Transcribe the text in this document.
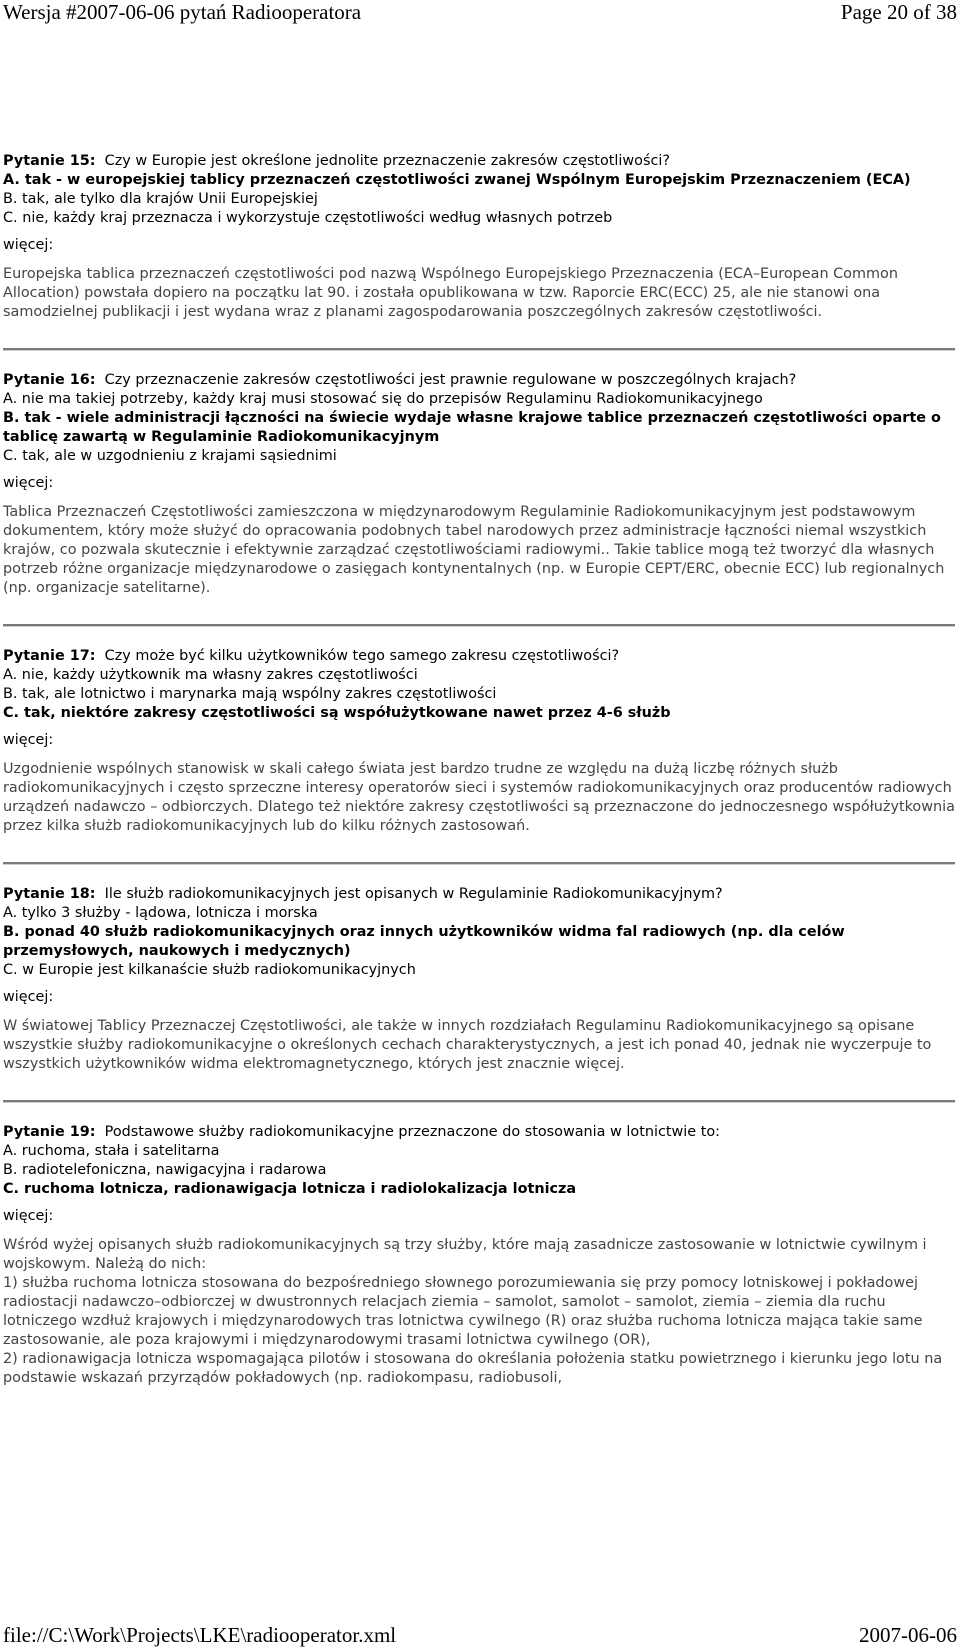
Wersja #2007-06-06 pytań Radiooperatora	Page 20 of 38

Pytanie 15: Czy w Europie jest określone jednolite przeznaczenie zakresów częstotliwości?

A. tak - w europejskiej tablicy przeznaczeń częstotliwości zwanej Wspólnym Europejskim Przeznaczeniem (ECA)

B. tak, ale tylko dla krajów Unii Europejskiej

C. nie, każdy kraj przeznacza i wykorzystuje częstotliwości według własnych potrzeb

więcej:

Europejska tablica przeznaczeń częstotliwości pod nazwą Wspólnego Europejskiego Przeznaczenia (ECA–European Common Allocation) powstała dopiero na początku lat 90. i została opublikowana w tzw. Raporcie ERC(ECC) 25, ale nie stanowi ona samodzielnej publikacji i jest wydana wraz z planami zagospodarowania poszczególnych zakresów częstotliwości.

Pytanie 16: Czy przeznaczenie zakresów częstotliwości jest prawnie regulowane w poszczególnych krajach?

A. nie ma takiej potrzeby, każdy kraj musi stosować się do przepisów Regulaminu Radiokomunikacyjnego

B. tak - wiele administracji łączności na świecie wydaje własne krajowe tablice przeznaczeń częstotliwości oparte o tablicę zawartą w Regulaminie Radiokomunikacyjnym

C. tak, ale w uzgodnieniu z krajami sąsiednimi

więcej:

Tablica Przeznaczeń Częstotliwości zamieszczona w międzynarodowym Regulaminie Radiokomunikacyjnym jest podstawowym dokumentem, który może służyć do opracowania podobnych tabel narodowych przez administracje łączności niemal wszystkich krajów, co pozwala skutecznie i efektywnie zarządzać częstotliwościami radiowymi.. Takie tablice mogą też tworzyć dla własnych potrzeb różne organizacje międzynarodowe o zasięgach kontynentalnych (np. w Europie CEPT/ERC, obecnie ECC) lub regionalnych (np. organizacje satelitarne).

Pytanie 17: Czy może być kilku użytkowników tego samego zakresu częstotliwości?

A. nie, każdy użytkownik ma własny zakres częstotliwości

B. tak, ale lotnictwo i marynarka mają wspólny zakres częstotliwości

C. tak, niektóre zakresy częstotliwości są współużytkowane nawet przez 4-6 służb

więcej:

Uzgodnienie wspólnych stanowisk w skali całego świata jest bardzo trudne ze względu na dużą liczbę różnych służb radiokomunikacyjnych i często sprzeczne interesy operatorów sieci i systemów radiokomunikacyjnych oraz producentów radiowych urządzeń nadawczo – odbiorczych. Dlatego też niektóre zakresy częstotliwości są przeznaczone do jednoczesnego współużytkownia przez kilka służb radiokomunikacyjnych lub do kilku różnych zastosowań.

Pytanie 18: Ile służb radiokomunikacyjnych jest opisanych w Regulaminie Radiokomunikacyjnym?

A. tylko 3 służby - lądowa, lotnicza i morska

B. ponad 40 służb radiokomunikacyjnych oraz innych użytkowników widma fal radiowych (np. dla celów przemysłowych, naukowych i medycznych)

C. w Europie jest kilkanaście służb radiokomunikacyjnych

więcej:

W światowej Tablicy Przeznaczej Częstotliwości, ale także w innych rozdziałach Regulaminu Radiokomunikacyjnego są opisane wszystkie służby radiokomunikacyjne o określonych cechach charakterystycznych, a jest ich ponad 40, jednak nie wyczerpuje to wszystkich użytkowników widma elektromagnetycznego, których jest znacznie więcej.

Pytanie 19: Podstawowe służby radiokomunikacyjne przeznaczone do stosowania w lotnictwie to:

A. ruchoma, stała i satelitarna

B. radiotelefoniczna, nawigacyjna i radarowa

C. ruchoma lotnicza, radionawigacja lotnicza i radiolokalizacja lotnicza

więcej:

Wśród wyżej opisanych służb radiokomunikacyjnych są trzy służby, które mają zasadnicze zastosowanie w lotnictwie cywilnym i wojskowym. Należą do nich:

1) służba ruchoma lotnicza stosowana do bezpośredniego słownego porozumiewania się przy pomocy lotniskowej i pokładowej radiostacji nadawczo–odbiorczej w dwustronnych relacjach ziemia – samolot, samolot – samolot, ziemia – ziemia dla ruchu lotniczego wzdłuż krajowych i międzynarodowych tras lotnictwa cywilnego (R) oraz służba ruchoma lotnicza mająca takie same zastosowanie, ale poza krajowymi i międzynarodowymi trasami lotnictwa cywilnego (OR),

2) radionawigacja lotnicza wspomagająca pilotów i stosowana do określania położenia statku powietrznego i kierunku jego lotu na podstawie wskazań przyrządów pokładowych (np. radiokompasu, radiobusoli,

file://C:\Work\Projects\LKE\radiooperator.xml	2007-06-06
